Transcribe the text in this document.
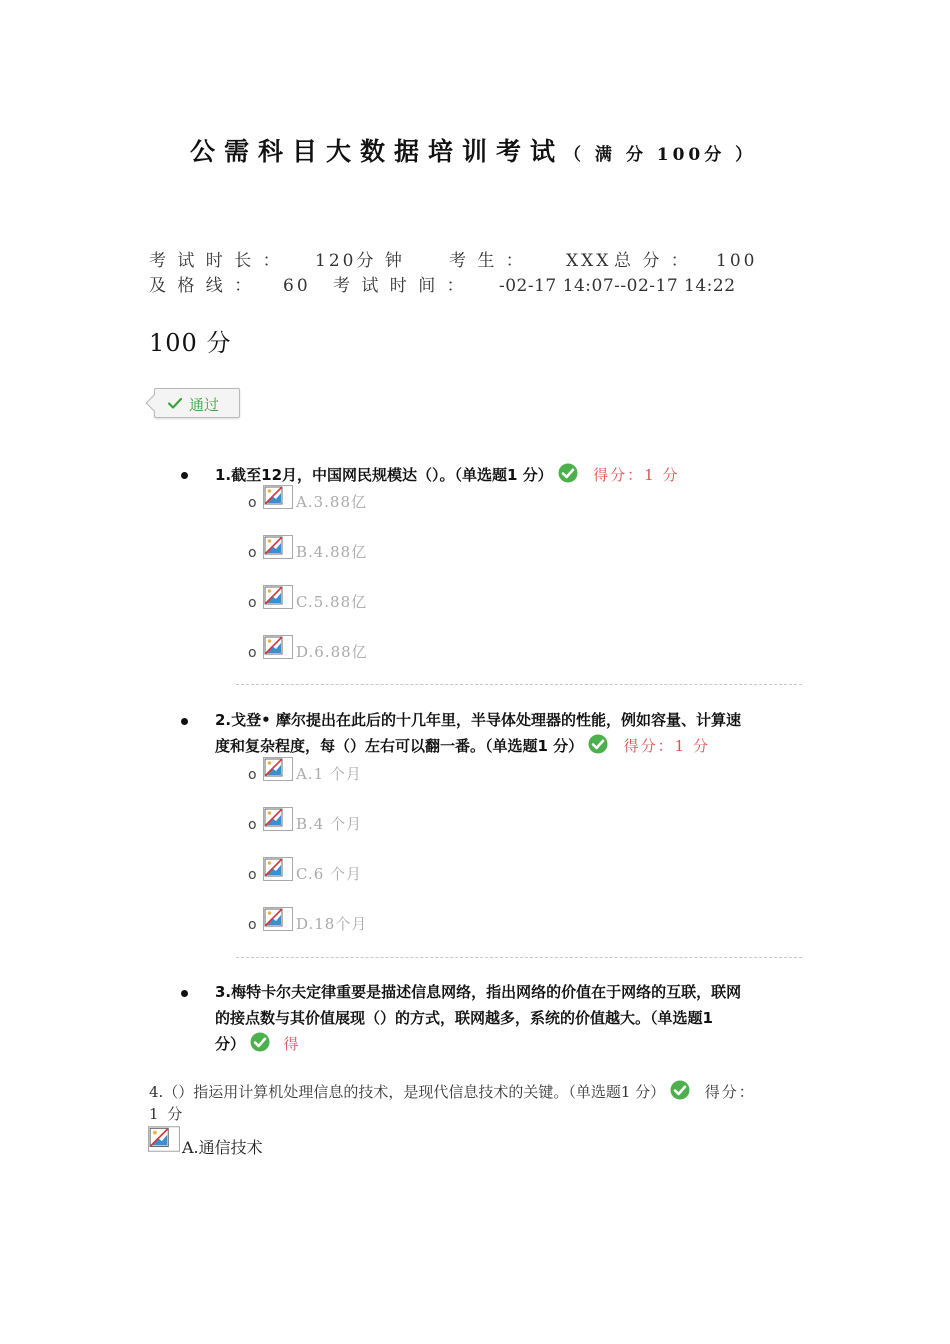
公需科目大数据培训考试（ 满 分 100分 ）
考 试 时 长 ： 120分 钟	考 生 ： XXX 总 分 ： 100
及 格 线 ： 60 考 试 时 间 ： -02-17 14:07--02-17 14:22
100 分
通过
1.截至12月，中国网民规模达（）。（单选题1 分）	得分：1 分
o	A.3.88亿
o	B.4.88亿
o	C.5.88亿
o	D.6.88亿
2.戈登• 摩尔提出在此后的十几年里，半导体处理器的性能，例如容量、计算速
度和复杂程度，每（）左右可以翻一番。（单选题1 分）	得分：1 分
o	A.1 个月
o	B.4 个月
o	C.6 个月
o	D.18个月
3.梅特卡尔夫定律重要是描述信息网络，指出网络的价值在于网络的互联，联网
的接点数与其价值展现（）的方式，联网越多，系统的价值越大。（单选题1
分）	得
4.（）指运用计算机处理信息的技术，是现代信息技术的关键。（单选题1 分）	得分：
1 分
A.通信技术
